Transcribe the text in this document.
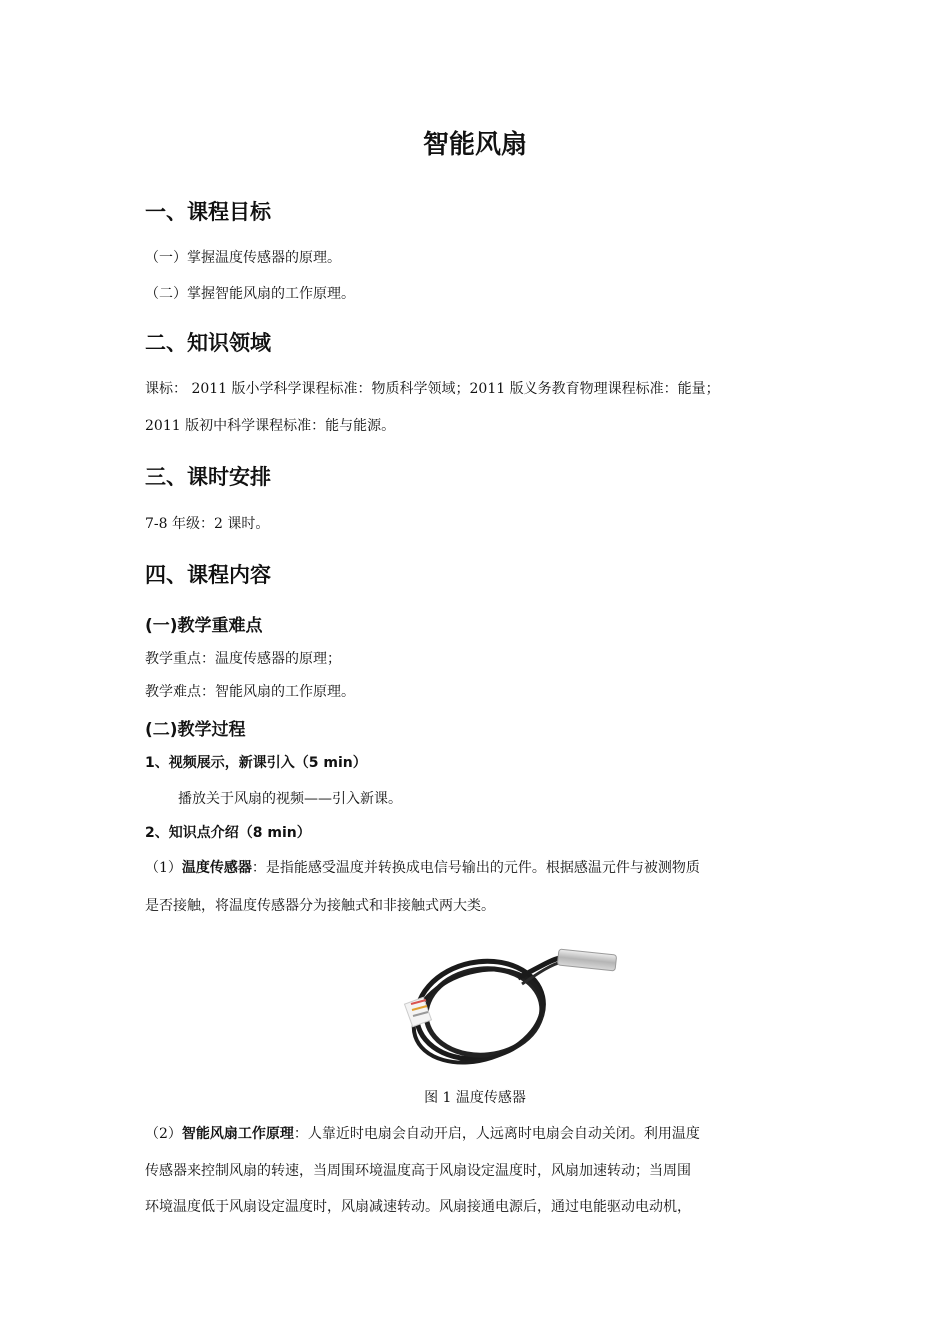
智能风扇
一、课程目标
（一）掌握温度传感器的原理。
（二）掌握智能风扇的工作原理。
二、知识领域
课标： 2011 版小学科学课程标准：物质科学领域；2011 版义务教育物理课程标准：能量；
2011 版初中科学课程标准：能与能源。
三、课时安排
7-8 年级：2 课时。
四、课程内容
(一)教学重难点
教学重点：温度传感器的原理；
教学难点：智能风扇的工作原理。
(二)教学过程
1、视频展示，新课引入（5 min）
播放关于风扇的视频——引入新课。
2、知识点介绍（8 min）
（1）温度传感器：是指能感受温度并转换成电信号输出的元件。根据感温元件与被测物质
是否接触，将温度传感器分为接触式和非接触式两大类。
图 1 温度传感器
（2）智能风扇工作原理：人靠近时电扇会自动开启，人远离时电扇会自动关闭。利用温度
传感器来控制风扇的转速，当周围环境温度高于风扇设定温度时，风扇加速转动；当周围
环境温度低于风扇设定温度时，风扇减速转动。风扇接通电源后，通过电能驱动电动机，
